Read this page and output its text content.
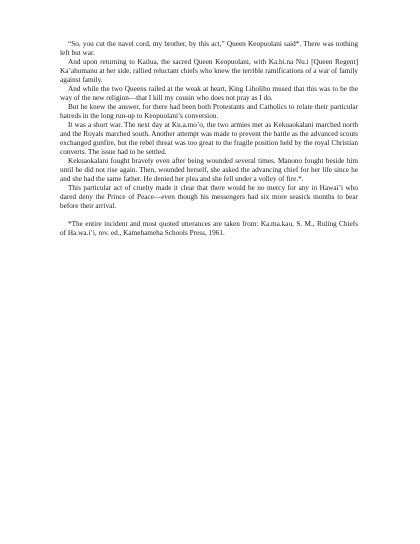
“So, you cut the navel cord, my brother, by this act,” Queen Keopuolani said*. There was nothing left but war.

And upon returning to Kailua, the sacred Queen Keopuolani, with Ka.hi.na Nu.i [Queen Regent] Ka’ahumanu at her side, rallied reluctant chiefs who knew the terrible ramifications of a war of family against family.

And while the two Queens railed at the weak at heart, King Liholiho mused that this was to be the way of the new religion—that I kill my cousin who does not pray as I do.

But he knew the answer, for there had been both Protestants and Catholics to relate their particular hatreds in the long run-up to Keopuolani’s conversion.

It was a short war. The next day at Ku.a.mo’o, the two armies met as Kekuaokalani marched north and the Royals marched south. Another attempt was made to prevent the battle as the advanced scouts exchanged gunfire, but the rebel threat was too great to the fragile position held by the royal Christian converts. The issue had to be settled.

Kekuaokalani fought bravely even after being wounded several times. Manono fought beside him until he did not rise again. Then, wounded herself, she asked the advancing chief for her life since he and she had the same father. He denied her plea and she fell under a volley of fire.*.

This particular act of cruelty made it clear that there would be no mercy for any in Hawai’i who dared deny the Prince of Peace—even though his messengers had six more seasick months to bear before their arrival.

*The entire incident and most quoted utterances are taken from: Ka.ma.kau, S. M., Ruling Chiefs of Ha.wa.i’i, rev. ed., Kamehameha Schools Press, 1961.
